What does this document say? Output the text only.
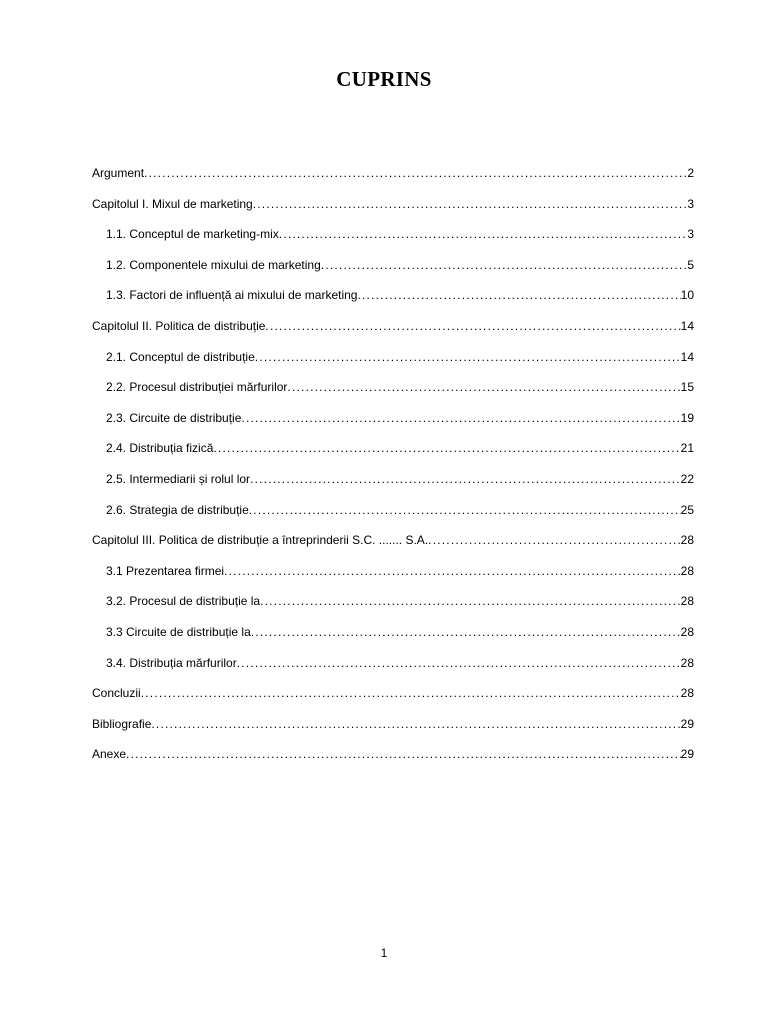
CUPRINS
Argument .....	2
Capitolul I. Mixul de marketing .....	3
1.1. Conceptul de marketing-mix .....	3
1.2. Componentele mixului de marketing .....	5
1.3. Factori de influență ai mixului de marketing .....	10
Capitolul II. Politica de distribuție .....	14
2.1. Conceptul de distribuție .....	14
2.2. Procesul distribuției mărfurilor .....	15
2.3. Circuite de distribuție .....	19
2.4. Distribuția fizică .....	21
2.5. Intermediarii și rolul lor .....	22
2.6. Strategia de distribuție .....	25
Capitolul III. Politica de distribuție a întreprinderii S.C. ....... S.A. .....	28
3.1 Prezentarea firmei .....	28
3.2. Procesul de distribuție la .....	28
3.3 Circuite de distribuție la .....	28
3.4. Distribuția mărfurilor .....	28
Concluzii .....	28
Bibliografie .....	29
Anexe .....	29
1
